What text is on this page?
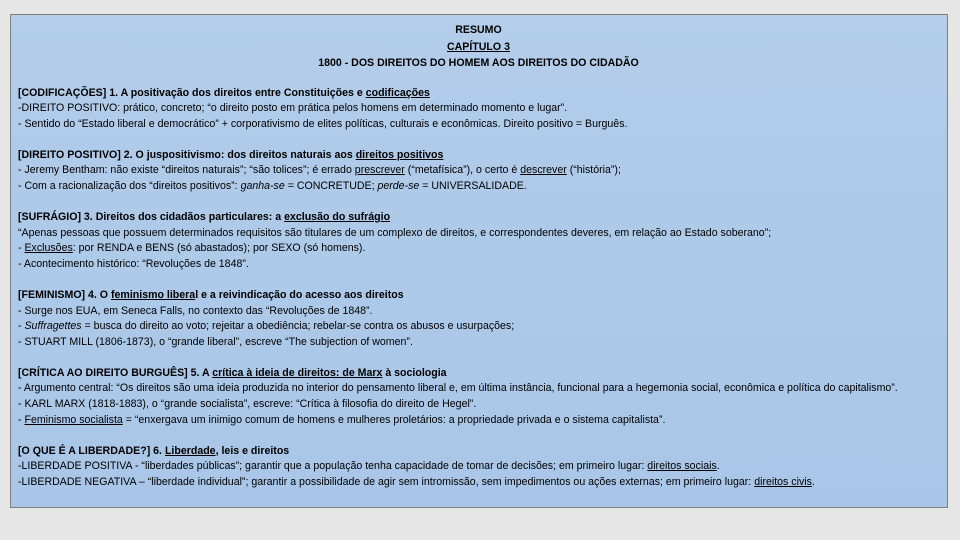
RESUMO
CAPÍTULO 3
1800 - DOS DIREITOS DO HOMEM AOS DIREITOS DO CIDADÃO

[CODIFICAÇÕES] 1. A positivação dos direitos entre Constituições e codificações

-DIREITO POSITIVO: prático, concreto; “o direito posto em prática pelos homens em determinado momento e lugar”.

- Sentido do “Estado liberal e democrático” + corporativismo de elites políticas, culturais e econômicas. Direito positivo = Burguês.

[DIREITO POSITIVO] 2. O juspositivismo: dos direitos naturais aos direitos positivos

- Jeremy Bentham: não existe “direitos naturais”; “são tolices”; é errado prescrever (“metafísica”), o certo é descrever (“história”);

- Com a racionalização dos “direitos positivos”: ganha-se = CONCRETUDE; perde-se = UNIVERSALIDADE.

[SUFRÁGIO] 3. Direitos dos cidadãos particulares: a exclusão do sufrágio

“Apenas pessoas que possuem determinados requisitos são titulares de um complexo de direitos, e correspondentes deveres, em relação ao Estado soberano”;

- Exclusões: por RENDA e BENS (só abastados); por SEXO (só homens).

- Acontecimento histórico: “Revoluções de 1848”.

[FEMINISMO] 4. O feminismo liberal e a reivindicação do acesso aos direitos

- Surge nos EUA, em Seneca Falls, no contexto das “Revoluções de 1848”.

- Suffragettes = busca do direito ao voto; rejeitar a obediência; rebelar-se contra os abusos e usurpações;

- STUART MILL (1806-1873), o “grande liberal”, escreve “The subjection of women”.

[CRÍTICA AO DIREITO BURGUÊS] 5. A crítica à ideia de direitos: de Marx à sociologia

- Argumento central: “Os direitos são uma ideia produzida no interior do pensamento liberal e, em última instância, funcional para a hegemonia social, econômica e política do capitalismo”.

- KARL MARX (1818-1883), o “grande socialista”, escreve: “Crítica à filosofia do direito de Hegel”.

- Feminismo socialista = “enxergava um inimigo comum de homens e mulheres proletários: a propriedade privada e o sistema capitalista”.

[O QUE É A LIBERDADE?] 6. Liberdade, leis e direitos

-LIBERDADE POSITIVA - “liberdades públicas”; garantir que a população tenha capacidade de tomar de decisões; em primeiro lugar: direitos sociais.

-LIBERDADE NEGATIVA – “liberdade individual”; garantir a possibilidade de agir sem intromissão, sem impedimentos ou ações externas; em primeiro lugar: direitos civis.
